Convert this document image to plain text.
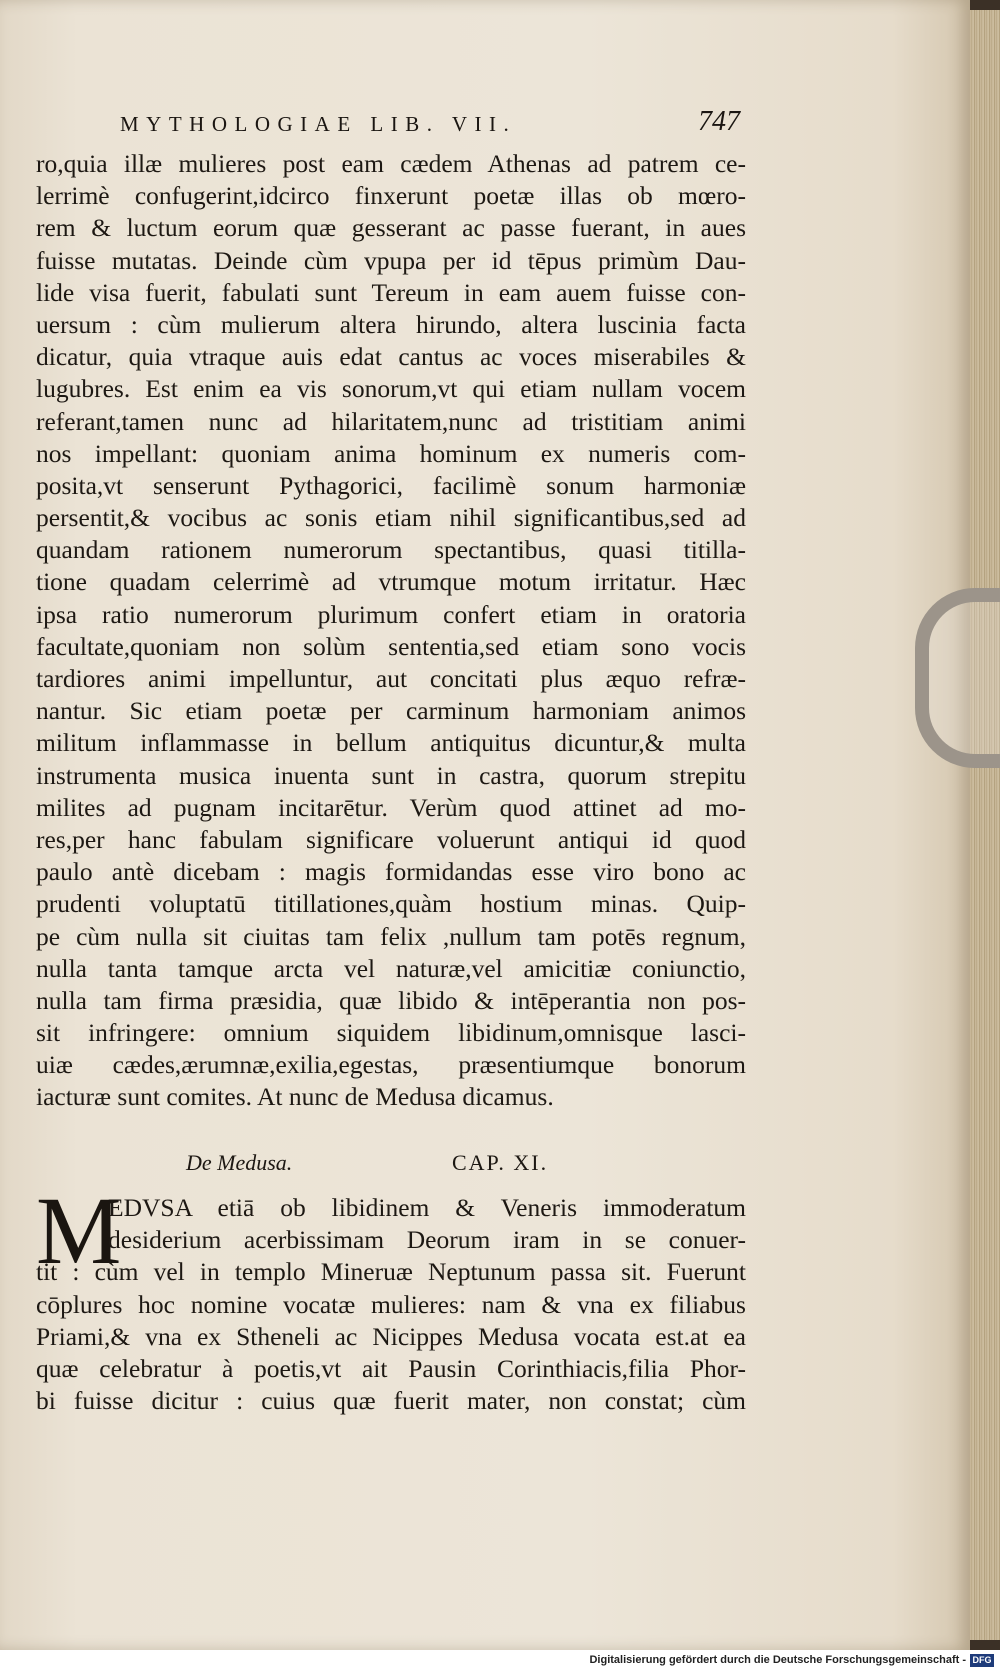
MYTHOLOGIAE LIB. VII.	747
ro,quia illæ mulieres post eam cædem Athenas ad patrem ce-
lerrimè confugerint,idcirco finxerunt poetæ illas ob mœro-
rem & luctum eorum quæ gesserant ac passe fuerant, in aues
fuisse mutatas. Deinde cùm vpupa per id tēpus primùm Dau-
lide visa fuerit, fabulati sunt Tereum in eam auem fuisse con-
uersum : cùm mulierum altera hirundo, altera luscinia facta
dicatur, quia vtraque auis edat cantus ac voces miserabiles &
lugubres. Est enim ea vis sonorum,vt qui etiam nullam vocem
referant,tamen nunc ad hilaritatem,nunc ad tristitiam animi
nos impellant: quoniam anima hominum ex numeris com-
posita,vt senserunt Pythagorici, facilimè sonum harmoniæ
persentit,& vocibus ac sonis etiam nihil significantibus,sed ad
quandam rationem numerorum spectantibus, quasi titilla-
tione quadam celerrimè ad vtrumque motum irritatur. Hæc
ipsa ratio numerorum plurimum confert etiam in oratoria
facultate,quoniam non solùm sententia,sed etiam sono vocis
tardiores animi impelluntur, aut concitati plus æquo refræ-
nantur. Sic etiam poetæ per carminum harmoniam animos
militum inflammasse in bellum antiquitus dicuntur,& multa
instrumenta musica inuenta sunt in castra, quorum strepitu
milites ad pugnam incitarētur. Verùm quod attinet ad mo-
res,per hanc fabulam significare voluerunt antiqui id quod
paulo antè dicebam : magis formidandas esse viro bono ac
prudenti voluptatū titillationes,quàm hostium minas. Quip-
pe cùm nulla sit ciuitas tam felix ,nullum tam potēs regnum,
nulla tanta tamque arcta vel naturæ,vel amicitiæ coniunctio,
nulla tam firma præsidia, quæ libido & intēperantia non pos-
sit infringere: omnium siquidem libidinum,omnisque lasci-
uiæ cædes,ærumnæ,exilia,egestas, præsentiumque bonorum
iacturæ sunt comites. At nunc de Medusa dicamus.
De Medusa.	CAP. XI.
M
EDVSA etiā ob libidinem & Veneris immoderatum
desiderium acerbissimam Deorum iram in se conuer-
tit : cùm vel in templo Mineruæ Neptunum passa sit. Fuerunt
cōplures hoc nomine vocatæ mulieres: nam & vna ex filiabus
Priami,& vna ex Stheneli ac Nicippes Medusa vocata est.at ea
quæ celebratur à poetis,vt ait Pausin Corinthiacis,filia Phor-
bi fuisse dicitur : cuius quæ fuerit mater, non constat; cùm
Digitalisierung gefördert durch die Deutsche Forschungsgemeinschaft - DFG
